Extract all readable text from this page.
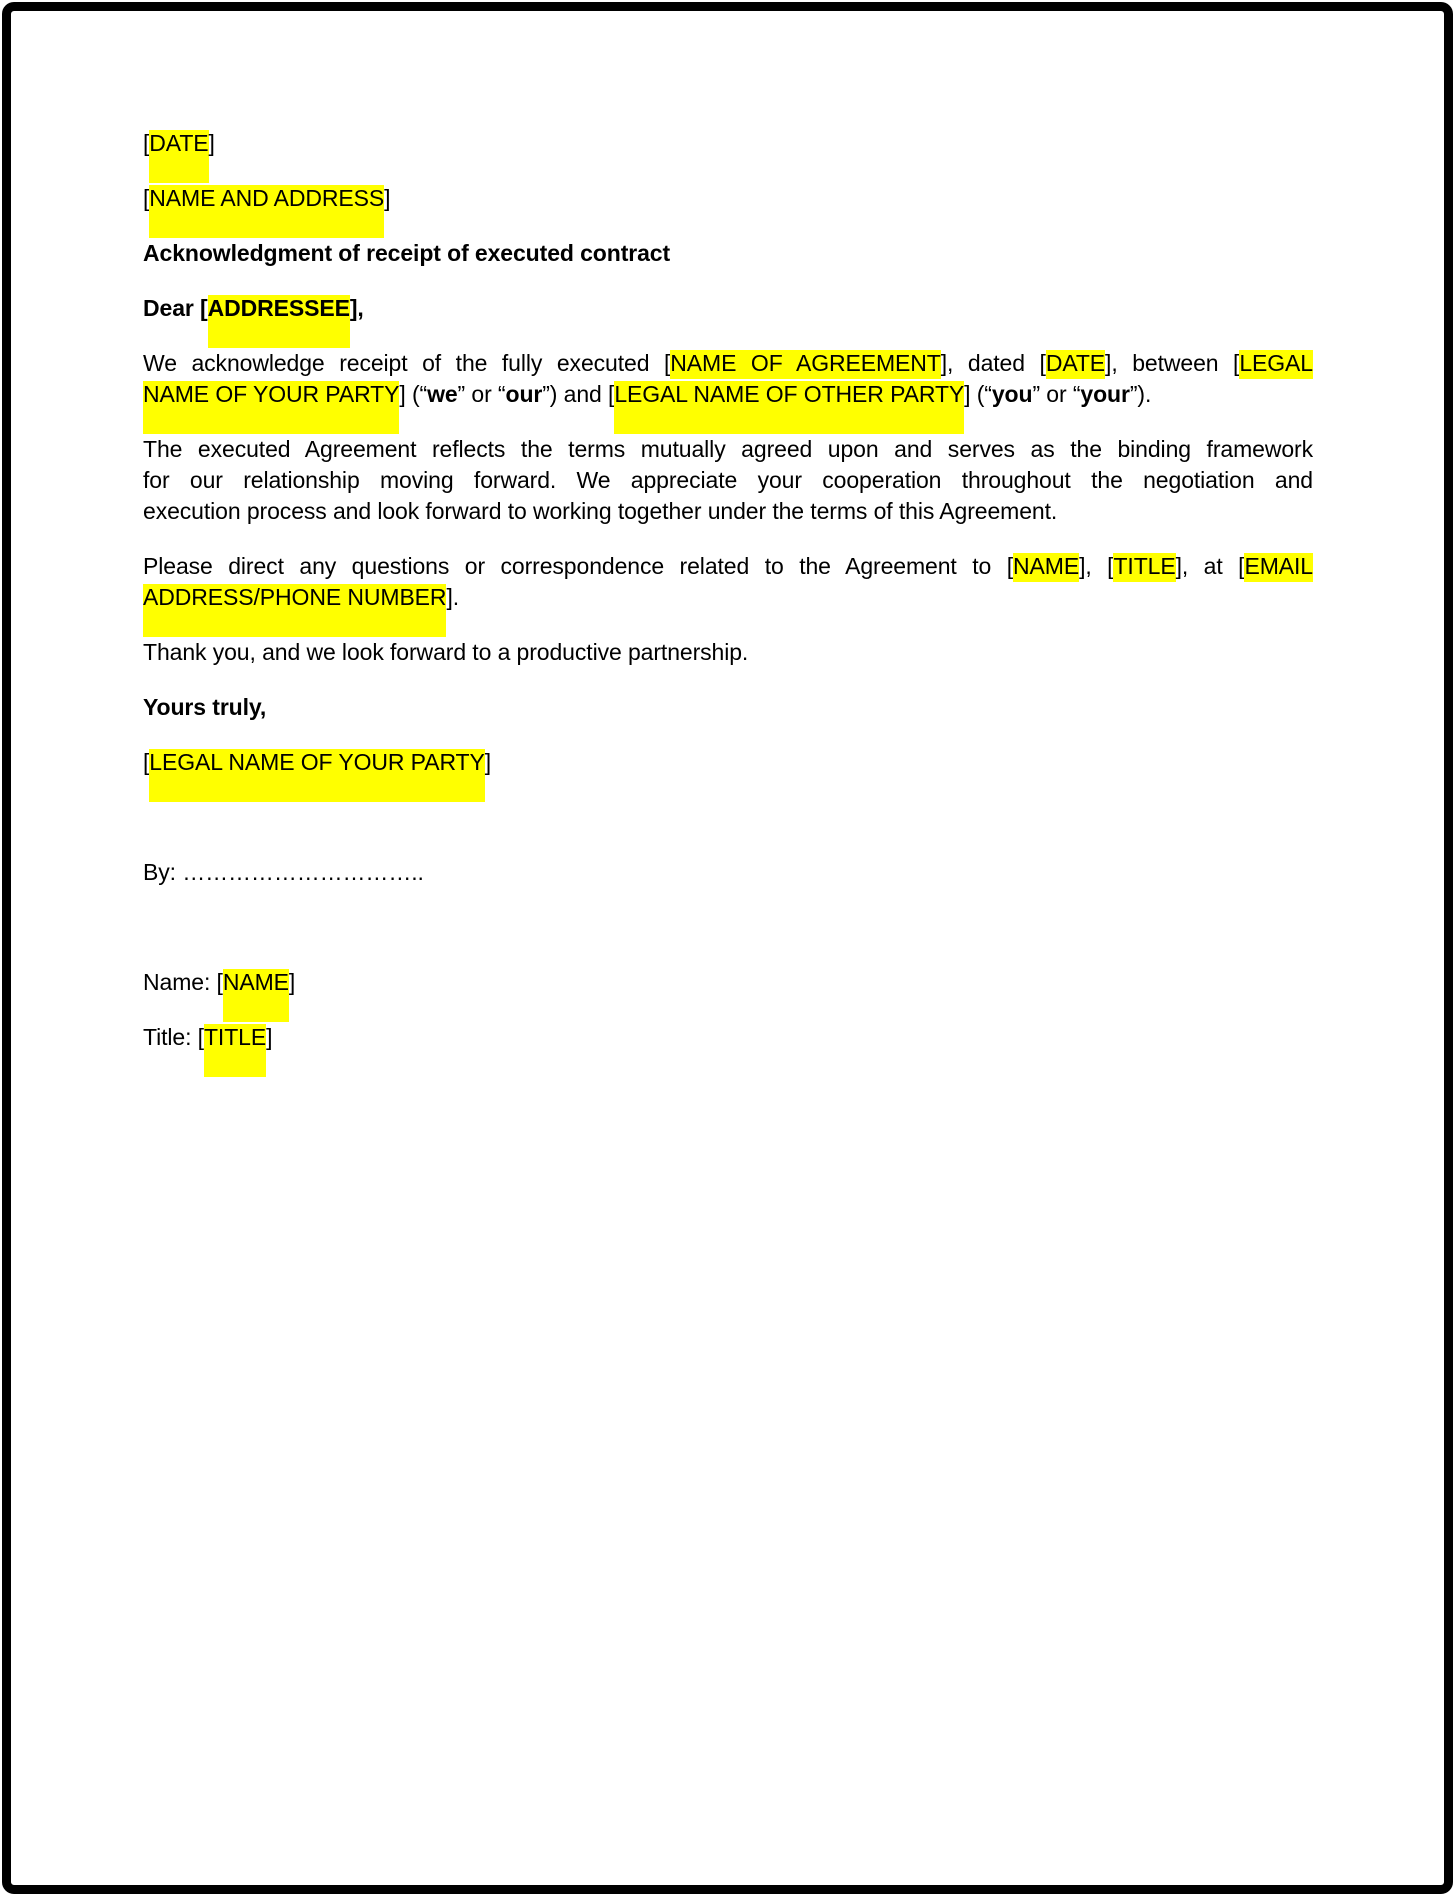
[DATE]
[NAME AND ADDRESS]
Acknowledgment of receipt of executed contract
Dear [ADDRESSEE],
We acknowledge receipt of the fully executed [NAME OF AGREEMENT], dated [DATE], between [LEGAL
NAME OF YOUR PARTY] (“we” or “our”) and [LEGAL NAME OF OTHER PARTY] (“you” or “your”).
The executed Agreement reflects the terms mutually agreed upon and serves as the binding framework
for our relationship moving forward. We appreciate your cooperation throughout the negotiation and
execution process and look forward to working together under the terms of this Agreement.
Please direct any questions or correspondence related to the Agreement to [NAME], [TITLE], at [EMAIL
ADDRESS/PHONE NUMBER].
Thank you, and we look forward to a productive partnership.
Yours truly,
[LEGAL NAME OF YOUR PARTY]

By: …………………………..

Name: [NAME]
Title: [TITLE]
